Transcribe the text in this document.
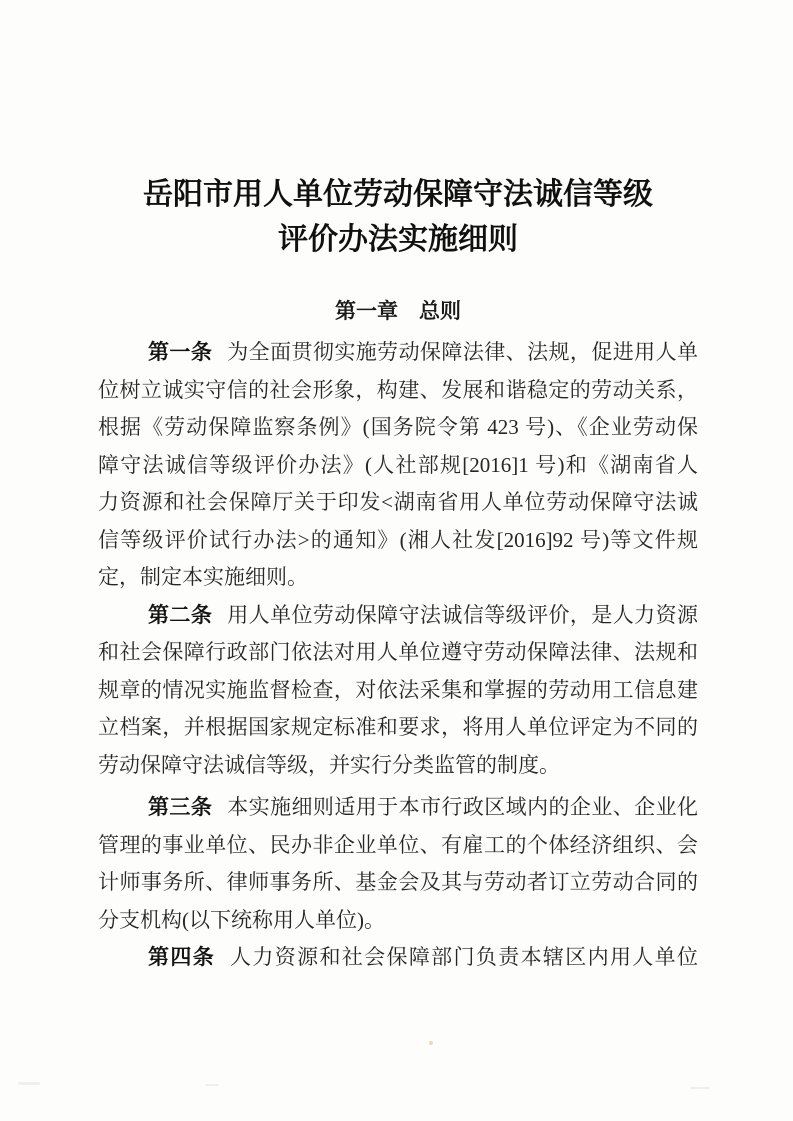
岳阳市用人单位劳动保障守法诚信等级
评价办法实施细则
第一章　总则
第一条 为全面贯彻实施劳动保障法律、法规，促进用人单
位树立诚实守信的社会形象，构建、发展和谐稳定的劳动关系，
根据《劳动保障监察条例》(国务院令第 423 号)、《企业劳动保
障守法诚信等级评价办法》(人社部规[2016]1 号)和《湖南省人
力资源和社会保障厅关于印发<湖南省用人单位劳动保障守法诚
信等级评价试行办法>的通知》(湘人社发[2016]92 号)等文件规
定，制定本实施细则。
第二条 用人单位劳动保障守法诚信等级评价，是人力资源
和社会保障行政部门依法对用人单位遵守劳动保障法律、法规和
规章的情况实施监督检查，对依法采集和掌握的劳动用工信息建
立档案，并根据国家规定标准和要求，将用人单位评定为不同的
劳动保障守法诚信等级，并实行分类监管的制度。
第三条 本实施细则适用于本市行政区域内的企业、企业化
管理的事业单位、民办非企业单位、有雇工的个体经济组织、会
计师事务所、律师事务所、基金会及其与劳动者订立劳动合同的
分支机构(以下统称用人单位)。
第四条 人力资源和社会保障部门负责本辖区内用人单位
